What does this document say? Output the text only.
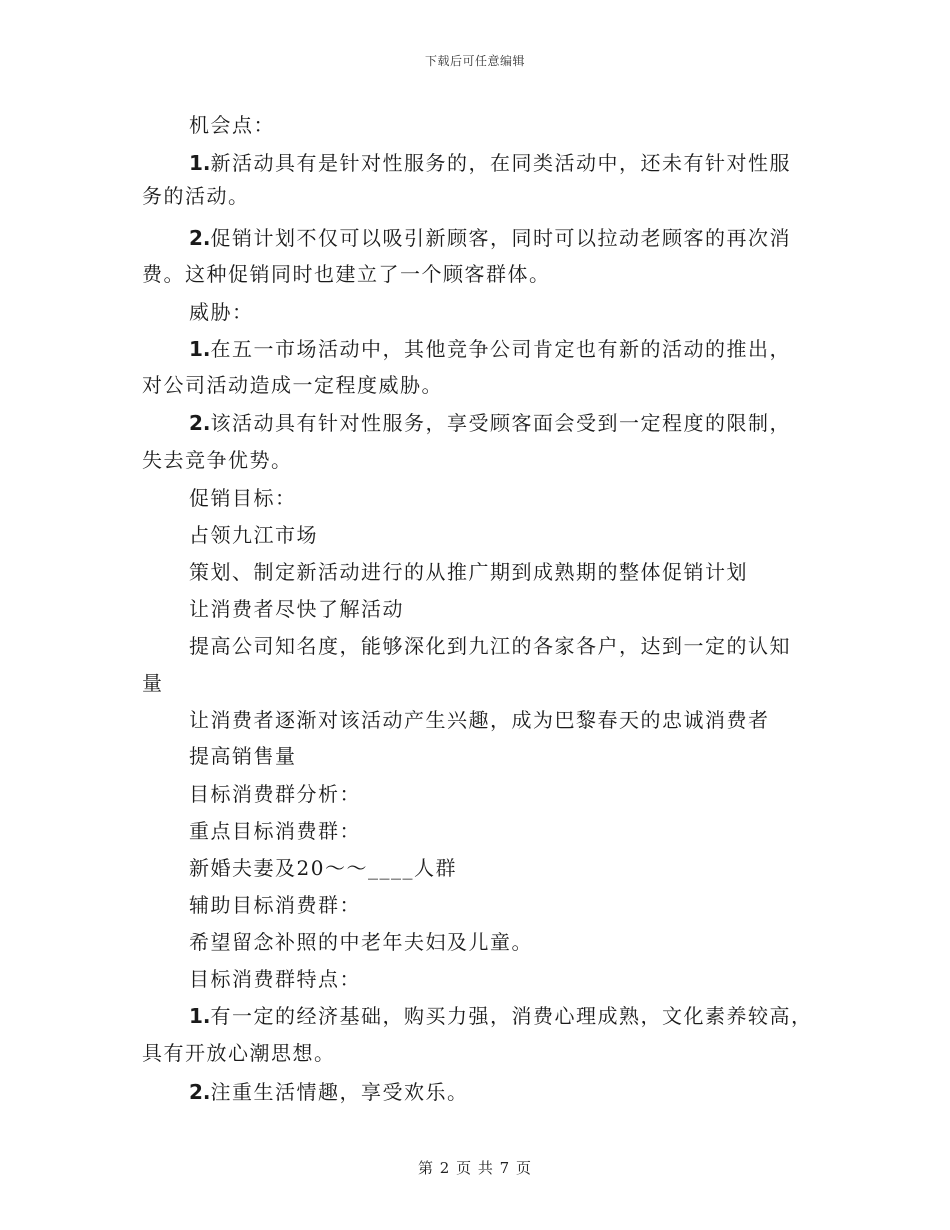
下载后可任意编辑
机会点：
1.新活动具有是针对性服务的，在同类活动中，还未有针对性服
务的活动。
2.促销计划不仅可以吸引新顾客，同时可以拉动老顾客的再次消
费。这种促销同时也建立了一个顾客群体。
威胁：
1.在五一市场活动中，其他竞争公司肯定也有新的活动的推出，
对公司活动造成一定程度威胁。
2.该活动具有针对性服务，享受顾客面会受到一定程度的限制，
失去竞争优势。
促销目标：
占领九江市场
策划、制定新活动进行的从推广期到成熟期的整体促销计划
让消费者尽快了解活动
提高公司知名度，能够深化到九江的各家各户，达到一定的认知
量
让消费者逐渐对该活动产生兴趣，成为巴黎春天的忠诚消费者
提高销售量
目标消费群分析：
重点目标消费群：
新婚夫妻及20～～____人群
辅助目标消费群：
希望留念补照的中老年夫妇及儿童。
目标消费群特点：
1.有一定的经济基础，购买力强，消费心理成熟，文化素养较高，
具有开放心潮思想。
2.注重生活情趣，享受欢乐。
第 2 页 共 7 页
